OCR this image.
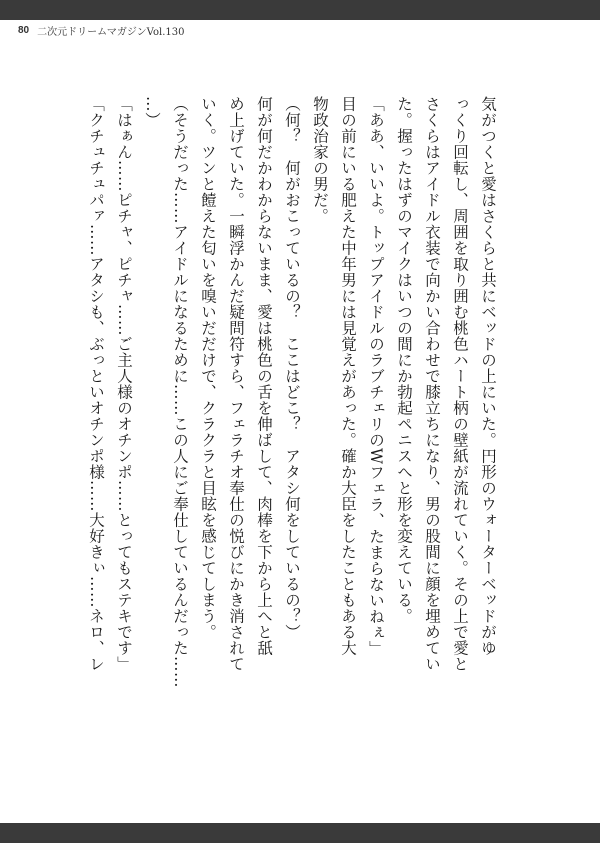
80 二次元ドリームマガジンVol.130
気がつくと愛はさくらと共にベッドの上にいた。円形のウォーターベッドがゆ
っくり回転し、周囲を取り囲む桃色ハート柄の壁紙が流れていく。その上で愛と
さくらはアイドル衣装で向かい合わせで膝立ちになり、男の股間に顔を埋めてい
た。握ったはずのマイクはいつの間にか勃起ペニスへと形を変えている。
「ああ、いいよ。トップアイドルのラブチェリのWフェラ、たまらないねぇ」
目の前にいる肥えた中年男には見覚えがあった。確か大臣をしたこともある大
物政治家の男だ。
（何？　何がおこっているの？　ここはどこ？　アタシ何をしているの？）
何が何だかわからないまま、愛は桃色の舌を伸ばして、肉棒を下から上へと舐
め上げていた。一瞬浮かんだ疑問符すら、フェラチオ奉仕の悦びにかき消されて
いく。ツンと饐えた匂いを嗅いだだけで、クラクラと目眩を感じてしまう。
（そうだった……アイドルになるために……この人にご奉仕しているんだった……
…）
「はぁん……ピチャ、ピチャ……ご主人様のオチンポ……とってもステキです」
「クチュチュパァ……アタシも、ぶっといオチンポ様……大好きぃ……ネロ、レ
